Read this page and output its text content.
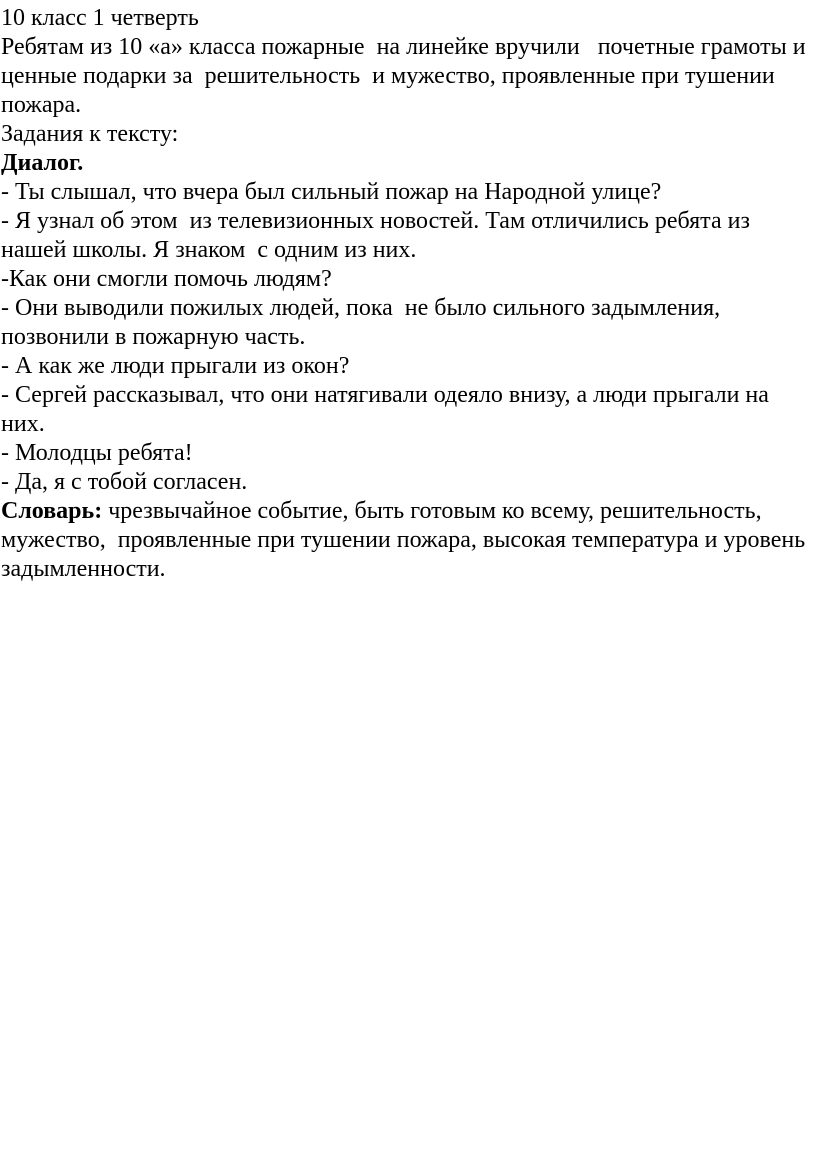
10 класс 1 четверть

Ребятам из 10 «а» класса пожарные  на линейке вручили   почетные грамоты и ценные подарки за  решительность  и мужество, проявленные при тушении пожара.

Задания к тексту:

Диалог.

- Ты слышал, что вчера был сильный пожар на Народной улице?

- Я узнал об этом  из телевизионных новостей. Там отличились ребята из нашей школы. Я знаком  с одним из них.

-Как они смогли помочь людям?

- Они выводили пожилых людей, пока  не было сильного задымления, позвонили в пожарную часть.

- А как же люди прыгали из окон?

- Сергей рассказывал, что они натягивали одеяло внизу, а люди прыгали на них.

- Молодцы ребята!

- Да, я с тобой согласен.

Словарь: чрезвычайное событие, быть готовым ко всему, решительность, мужество,  проявленные при тушении пожара, высокая температура и уровень задымленности.
